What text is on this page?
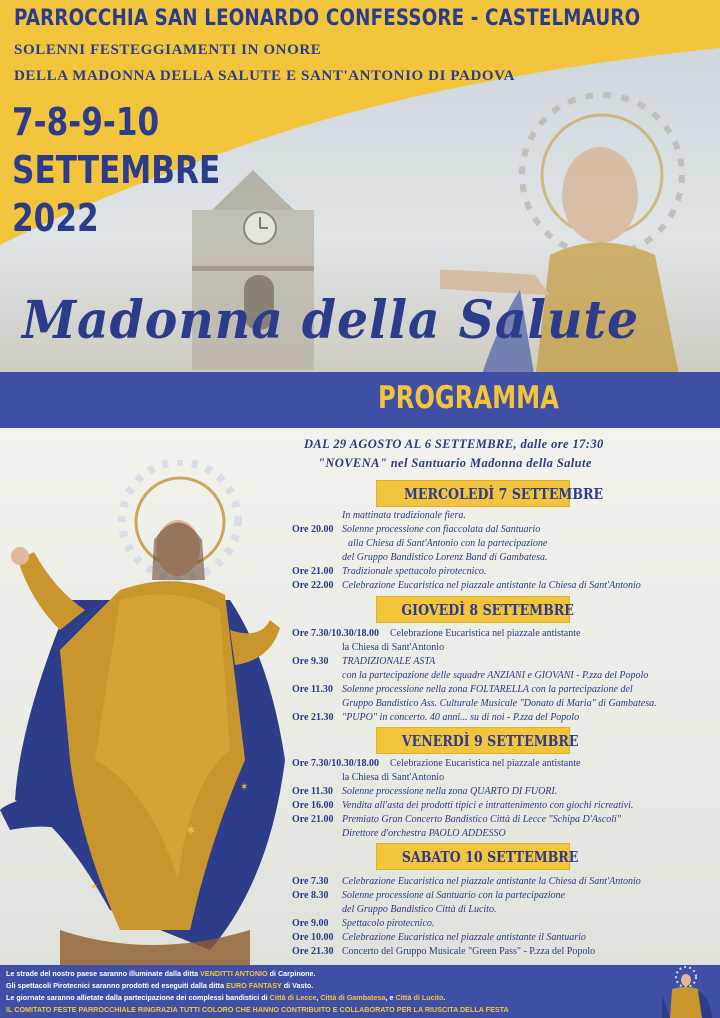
PARROCCHIA SAN LEONARDO CONFESSORE - CASTELMAURO
SOLENNI FESTEGGIAMENTI IN ONORE
DELLA MADONNA DELLA SALUTE E SANT'ANTONIO DI PADOVA
7-8-9-10
SETTEMBRE
2022
Madonna della Salute
PROGRAMMA
✶
✶
✶
DAL 29 AGOSTO AL 6 SETTEMBRE, dalle ore 17:30
"NOVENA" nel Santuario Madonna della Salute
MERCOLEDÌ 7 SETTEMBRE
In mattinata tradizionale fiera.
Ore 20.00 Solenne processione con fiaccolata dal Santuario
alla Chiesa di Sant'Antonio con la partecipazione
del Gruppo Bandistico Lorenz Band di Gambatesa.
Ore 21.00 Tradizionale spettacolo pirotecnico.
Ore 22.00 Celebrazione Eucaristica nel piazzale antistante la Chiesa di Sant'Antonio
GIOVEDÌ 8 SETTEMBRE
Ore 7.30/10.30/18.00 Celebrazione Eucaristica nel piazzale antistante
la Chiesa di Sant'Antonio
Ore 9.30 TRADIZIONALE ASTA
con la partecipazione delle squadre ANZIANI e GIOVANI - P.zza del Popolo
Ore 11.30 Solenne processione nella zona FOLTARELLA con la partecipazione del
Gruppo Bandistico Ass. Culturale Musicale "Donato di Maria" di Gambatesa.
Ore 21.30 "PUPO" in concerto. 40 anni... su di noi - P.zza del Popolo
VENERDÌ 9 SETTEMBRE
Ore 7.30/10.30/18.00 Celebrazione Eucaristica nel piazzale antistante
la Chiesa di Sant'Antonio
Ore 11.30 Solenne processione nella zona QUARTO DI FUORI.
Ore 16.00 Vendita all'asta dei prodotti tipici e intrattenimento con giochi ricreativi.
Ore 21.00 Premiato Gran Concerto Bandistico Città di Lecce "Schipa D'Ascoli"
Direttore d'orchestra PAOLO ADDESSO
SABATO 10 SETTEMBRE
Ore 7.30 Celebrazione Eucaristica nel piazzale antistante la Chiesa di Sant'Antonio
Ore 8.30 Solenne processione al Santuario con la partecipazione
del Gruppo Bandistico Città di Lucito.
Ore 9.00 Spettacolo pirotecnico.
Ore 10.00 Celebrazione Eucaristica nel piazzale antistante il Santuario
Ore 21.30 Concerto del Gruppo Musicale "Green Pass" - P.zza del Popolo
Le strade del nostro paese saranno illuminate dalla ditta VENDITTI ANTONIO di Carpinone.
Gli spettacoli Pirotecnici saranno prodotti ed eseguiti dalla ditta EURO FANTASY di Vasto.
Le giornate saranno allietate dalla partecipazione dei complessi bandistici di Città di Lecce, Città di Gambatesa, e Città di Lucito.
IL COMITATO FESTE PARROCCHIALE RINGRAZIA TUTTI COLORO CHE HANNO CONTRIBUITO E COLLABORATO PER LA RIUSCITA DELLA FESTA
